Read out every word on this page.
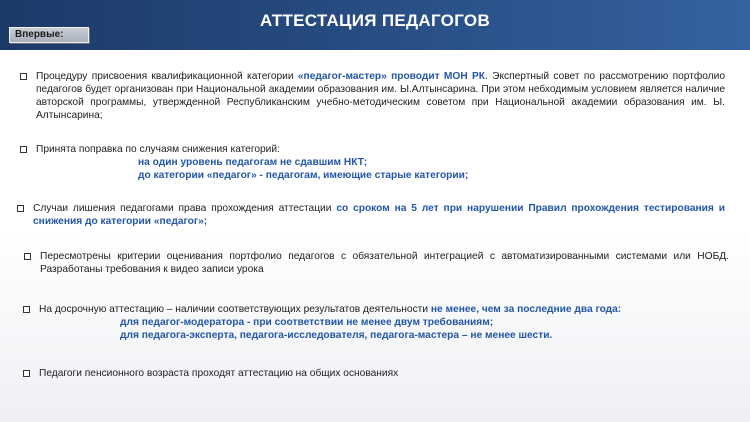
АТТЕСТАЦИЯ ПЕДАГОГОВ
Впервые:
Процедуру присвоения квалификационной категории «педагог-мастер» проводит МОН РК. Экспертный совет по рассмотрению портфолио педагогов будет организован при Национальной академии образования им. Ы.Алтынсарина. При этом небходимым условием является наличие авторской программы, утвержденной Республиканским учебно-методическим советом при Национальной академии образования им. Ы. Алтынсарина;
Принята поправка по случаям снижения категорий:
на один уровень педагогам не сдавшим НКТ;
до категории «педагог» - педагогам, имеющие старые категории;
Случаи лишения педагогами права прохождения аттестации со сроком на 5 лет при нарушении Правил прохождения тестирования и снижения до категории «педагог»;
Пересмотрены критерии оценивания портфолио педагогов с обязательной интеграцией с автоматизированными системами или НОБД. Разработаны требования к видео записи урока
На досрочную аттестацию – наличии соответствующих результатов деятельности не менее, чем за последние два года:
для педагог-модератора - при соответствии не менее двум требованиям;
для педагога-эксперта, педагога-исследователя, педагога-мастера – не менее шести.
Педагоги пенсионного возраста проходят аттестацию на общих основаниях
